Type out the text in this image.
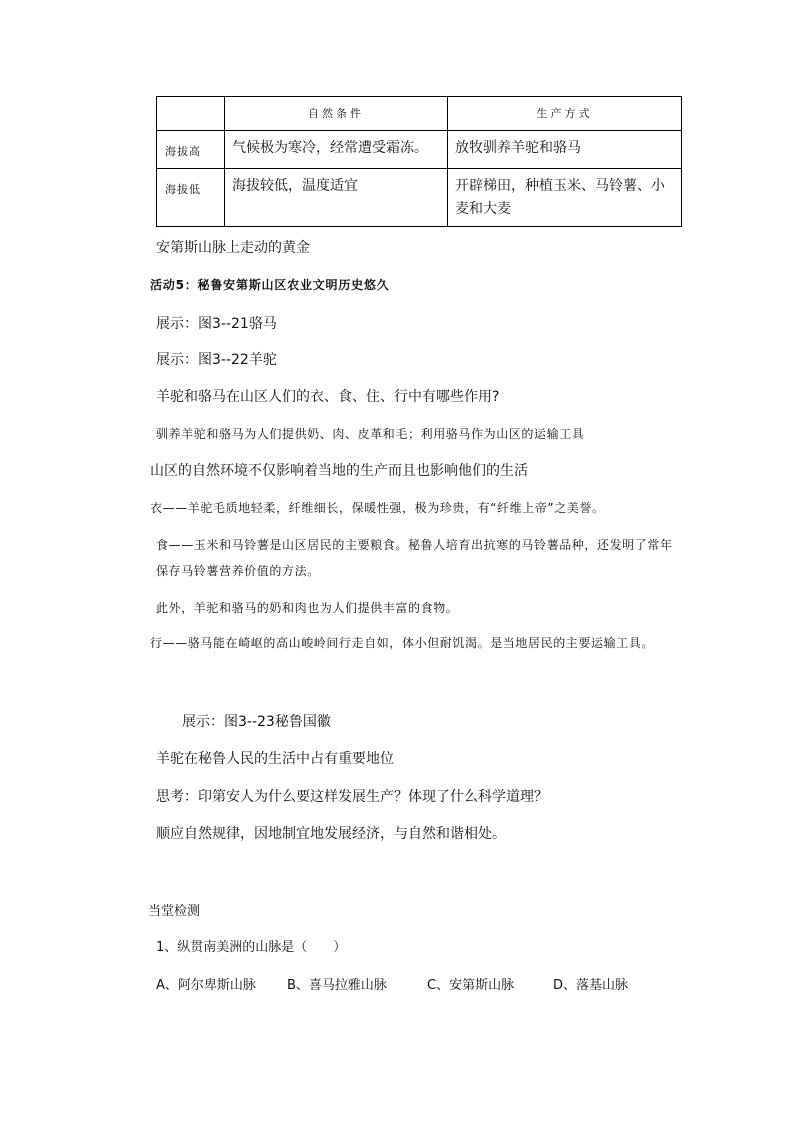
	自然条件	生产方式
海拔高	气候极为寒冷，经常遭受霜冻。	放牧驯养羊驼和骆马
海拔低	海拔较低，温度适宜	开辟梯田，种植玉米、马铃薯、小麦和大麦
安第斯山脉上走动的黄金
活动5：秘鲁安第斯山区农业文明历史悠久
展示：图3--21骆马
展示：图3--22羊驼
羊驼和骆马在山区人们的衣、食、住、行中有哪些作用?
驯养羊驼和骆马为人们提供奶、肉、皮革和毛；利用骆马作为山区的运输工具
山区的自然环境不仅影响着当地的生产而且也影响他们的生活
衣——羊驼毛质地轻柔，纤维细长，保暖性强，极为珍贵，有“纤维上帝”之美誉。
食——玉米和马铃薯是山区居民的主要粮食。秘鲁人培育出抗寒的马铃薯品种，还发明了常年保存马铃薯营养价值的方法。
此外，羊驼和骆马的奶和肉也为人们提供丰富的食物。
行——骆马能在崎岖的高山峻岭间行走自如，体小但耐饥渴。是当地居民的主要运输工具。
展示：图3--23秘鲁国徽
羊驼在秘鲁人民的生活中占有重要地位
思考：印第安人为什么要这样发展生产？体现了什么科学道理？
顺应自然规律，因地制宜地发展经济，与自然和谐相处。
当堂检测
1、纵贯南美洲的山脉是（　　）
A、阿尔卑斯山脉 B、喜马拉雅山脉	C、安第斯山脉	D、落基山脉
